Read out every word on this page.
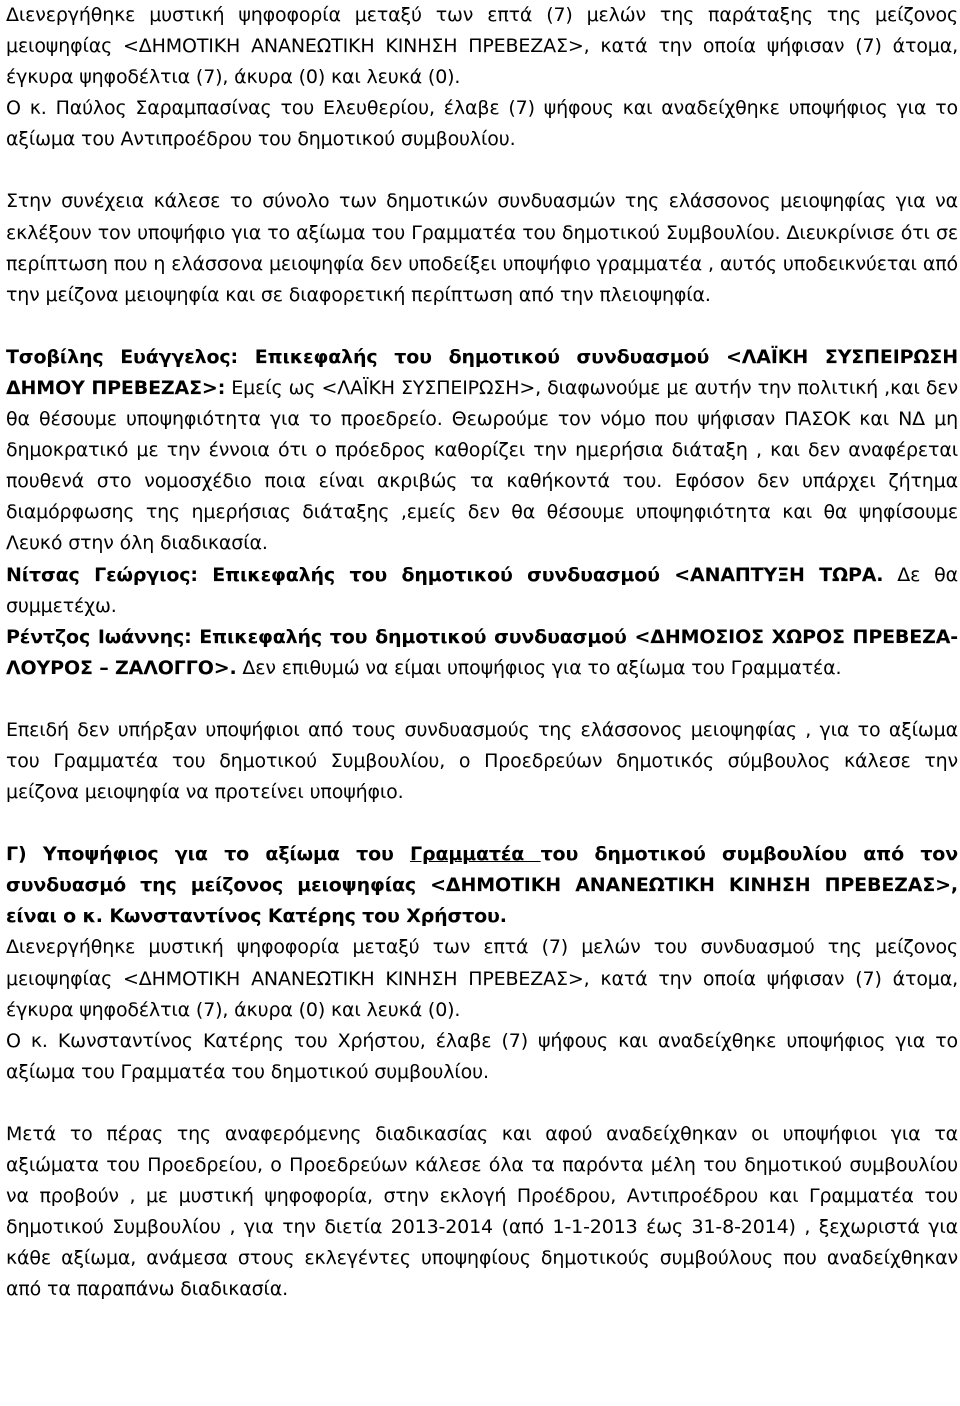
Διενεργήθηκε μυστική ψηφοφορία μεταξύ των επτά (7) μελών της παράταξης της μείζονος μειοψηφίας <ΔΗΜΟΤΙΚΗ ΑΝΑΝΕΩΤΙΚΗ ΚΙΝΗΣΗ ΠΡΕΒΕΖΑΣ>, κατά την οποία ψήφισαν (7) άτομα, έγκυρα ψηφοδέλτια (7), άκυρα (0) και λευκά (0).

Ο κ. Παύλος Σαραμπασίνας του Ελευθερίου, έλαβε (7) ψήφους και αναδείχθηκε υποψήφιος για το αξίωμα του Αντιπροέδρου του δημοτικού συμβουλίου.

Στην συνέχεια κάλεσε το σύνολο των δημοτικών συνδυασμών της ελάσσονος μειοψηφίας για να εκλέξουν τον υποψήφιο για το αξίωμα του Γραμματέα του δημοτικού Συμβουλίου. Διευκρίνισε ότι σε περίπτωση που η ελάσσονα μειοψηφία δεν υποδείξει υποψήφιο γραμματέα , αυτός υποδεικνύεται από την μείζονα μειοψηφία και σε διαφορετική περίπτωση από την πλειοψηφία.

Τσοβίλης Ευάγγελος: Επικεφαλής του δημοτικού συνδυασμού <ΛΑΪΚΗ ΣΥΣΠΕΙΡΩΣΗ ΔΗΜΟΥ ΠΡΕΒΕΖΑΣ>: Εμείς ως <ΛΑΪΚΗ ΣΥΣΠΕΙΡΩΣΗ>, διαφωνούμε με αυτήν την πολιτική ,και δεν θα θέσουμε υποψηφιότητα για το προεδρείο. Θεωρούμε τον νόμο που ψήφισαν ΠΑΣΟΚ και ΝΔ μη δημοκρατικό με την έννοια ότι ο πρόεδρος καθορίζει την ημερήσια διάταξη , και δεν αναφέρεται πουθενά στο νομοσχέδιο ποια είναι ακριβώς τα καθήκοντά του. Εφόσον δεν υπάρχει ζήτημα διαμόρφωσης της ημερήσιας διάταξης ,εμείς δεν θα θέσουμε υποψηφιότητα και θα ψηφίσουμε Λευκό στην όλη διαδικασία.

Νίτσας Γεώργιος: Επικεφαλής του δημοτικού συνδυασμού <ΑΝΑΠΤΥΞΗ ΤΩΡΑ. Δε θα συμμετέχω.

Ρέντζος Ιωάννης: Επικεφαλής του δημοτικού συνδυασμού <ΔΗΜΟΣΙΟΣ ΧΩΡΟΣ ΠΡΕΒΕΖΑ- ΛΟΥΡΟΣ – ΖΑΛΟΓΓΟ>. Δεν επιθυμώ να είμαι υποψήφιος για το αξίωμα του Γραμματέα.

Επειδή δεν υπήρξαν υποψήφιοι από τους συνδυασμούς της ελάσσονος μειοψηφίας , για το αξίωμα του Γραμματέα του δημοτικού Συμβουλίου, ο Προεδρεύων δημοτικός σύμβουλος κάλεσε την μείζονα μειοψηφία να προτείνει υποψήφιο.

Γ) Υποψήφιος για το αξίωμα του Γραμματέα του δημοτικού συμβουλίου από τον συνδυασμό της μείζονος μειοψηφίας <ΔΗΜΟΤΙΚΗ ΑΝΑΝΕΩΤΙΚΗ ΚΙΝΗΣΗ ΠΡΕΒΕΖΑΣ>, είναι ο κ. Κωνσταντίνος Κατέρης του Χρήστου.

Διενεργήθηκε μυστική ψηφοφορία μεταξύ των επτά (7) μελών του συνδυασμού της μείζονος μειοψηφίας <ΔΗΜΟΤΙΚΗ ΑΝΑΝΕΩΤΙΚΗ ΚΙΝΗΣΗ ΠΡΕΒΕΖΑΣ>, κατά την οποία ψήφισαν (7) άτομα, έγκυρα ψηφοδέλτια (7), άκυρα (0) και λευκά (0).

Ο κ. Κωνσταντίνος Κατέρης του Χρήστου, έλαβε (7) ψήφους και αναδείχθηκε υποψήφιος για το αξίωμα του Γραμματέα του δημοτικού συμβουλίου.

Μετά το πέρας της αναφερόμενης διαδικασίας και αφού αναδείχθηκαν οι υποψήφιοι για τα αξιώματα του Προεδρείου, ο Προεδρεύων κάλεσε όλα τα παρόντα μέλη του δημοτικού συμβουλίου να προβούν , με μυστική ψηφοφορία, στην εκλογή Προέδρου, Αντιπροέδρου και Γραμματέα του δημοτικού Συμβουλίου , για την διετία 2013-2014 (από 1-1-2013 έως 31-8-2014) , ξεχωριστά για κάθε αξίωμα, ανάμεσα στους εκλεγέντες υποψηφίους δημοτικούς συμβούλους που αναδείχθηκαν από τα παραπάνω διαδικασία.
